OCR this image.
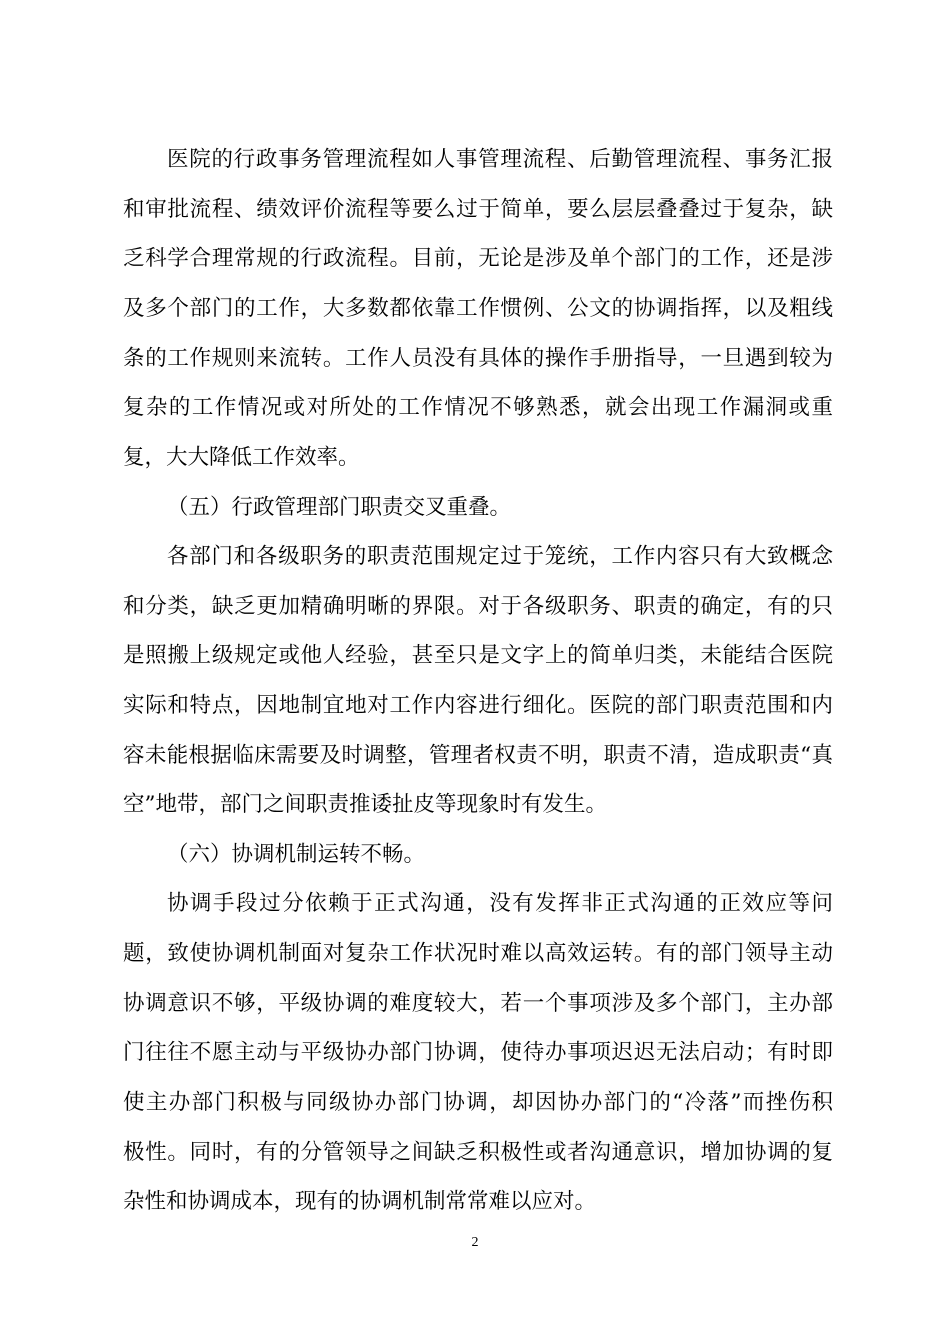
医院的行政事务管理流程如人事管理流程、后勤管理流程、事务汇报
和审批流程、绩效评价流程等要么过于简单，要么层层叠叠过于复杂，缺
乏科学合理常规的行政流程。目前，无论是涉及单个部门的工作，还是涉
及多个部门的工作，大多数都依靠工作惯例、公文的协调指挥，以及粗线
条的工作规则来流转。工作人员没有具体的操作手册指导，一旦遇到较为
复杂的工作情况或对所处的工作情况不够熟悉，就会出现工作漏洞或重
复，大大降低工作效率。
（五）行政管理部门职责交叉重叠。
各部门和各级职务的职责范围规定过于笼统，工作内容只有大致概念
和分类，缺乏更加精确明晰的界限。对于各级职务、职责的确定，有的只
是照搬上级规定或他人经验，甚至只是文字上的简单归类，未能结合医院
实际和特点，因地制宜地对工作内容进行细化。医院的部门职责范围和内
容未能根据临床需要及时调整，管理者权责不明，职责不清，造成职责“真
空”地带，部门之间职责推诿扯皮等现象时有发生。
（六）协调机制运转不畅。
协调手段过分依赖于正式沟通，没有发挥非正式沟通的正效应等问
题，致使协调机制面对复杂工作状况时难以高效运转。有的部门领导主动
协调意识不够，平级协调的难度较大，若一个事项涉及多个部门，主办部
门往往不愿主动与平级协办部门协调，使待办事项迟迟无法启动；有时即
使主办部门积极与同级协办部门协调，却因协办部门的“冷落”而挫伤积
极性。同时，有的分管领导之间缺乏积极性或者沟通意识，增加协调的复
杂性和协调成本，现有的协调机制常常难以应对。
2
